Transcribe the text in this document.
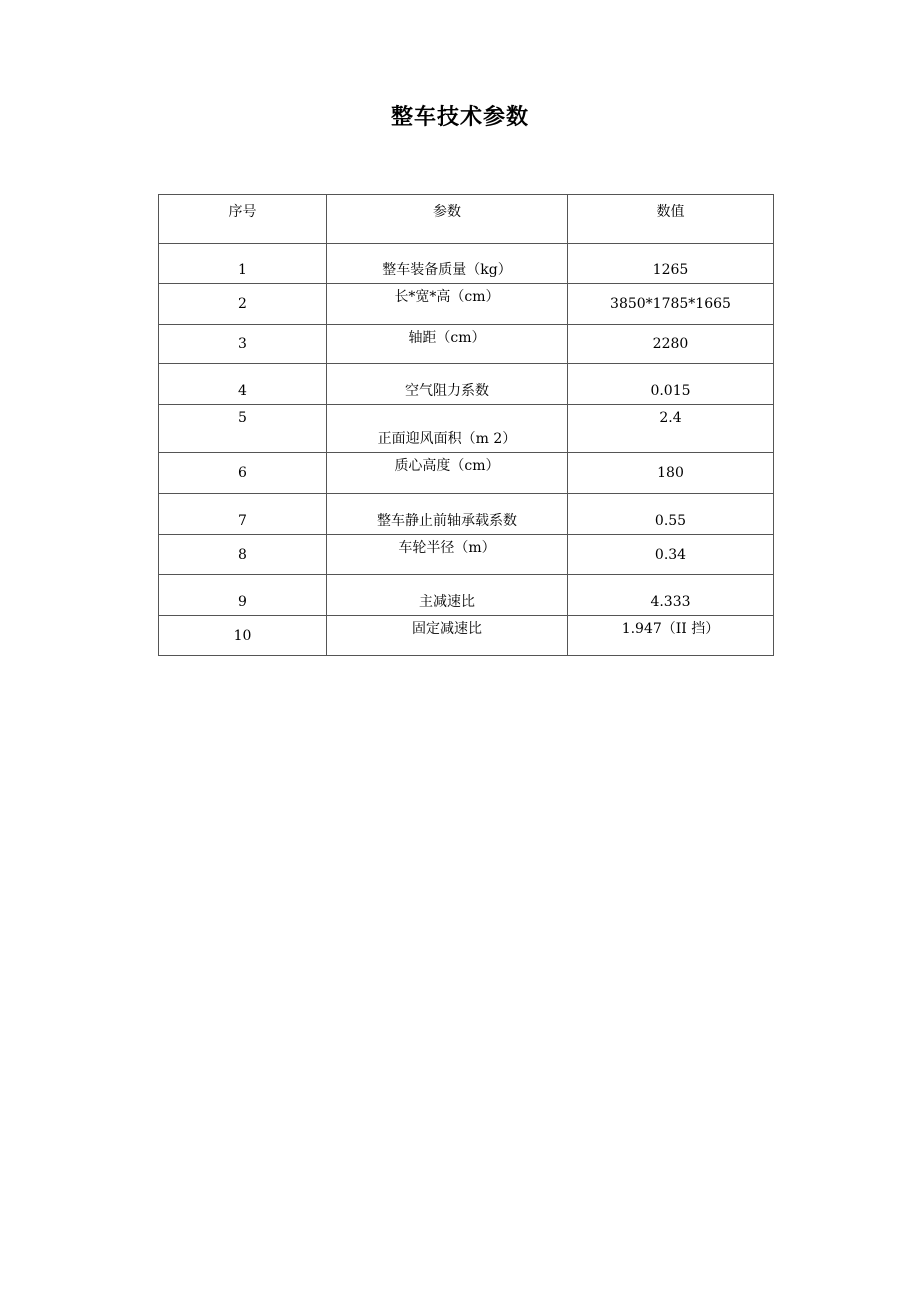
整车技术参数
序号	参数	数值
1	整车装备质量（kg）	1265
2	长*宽*高（cm）	3850*1785*1665
3	轴距（cm）	2280
4	空气阻力系数	0.015
5	正面迎风面积（m 2）	2.4
6	质心高度（cm）	180
7	整车静止前轴承载系数	0.55
8	车轮半径（m）	0.34
9	主减速比	4.333
10	固定减速比	1.947（II 挡）
